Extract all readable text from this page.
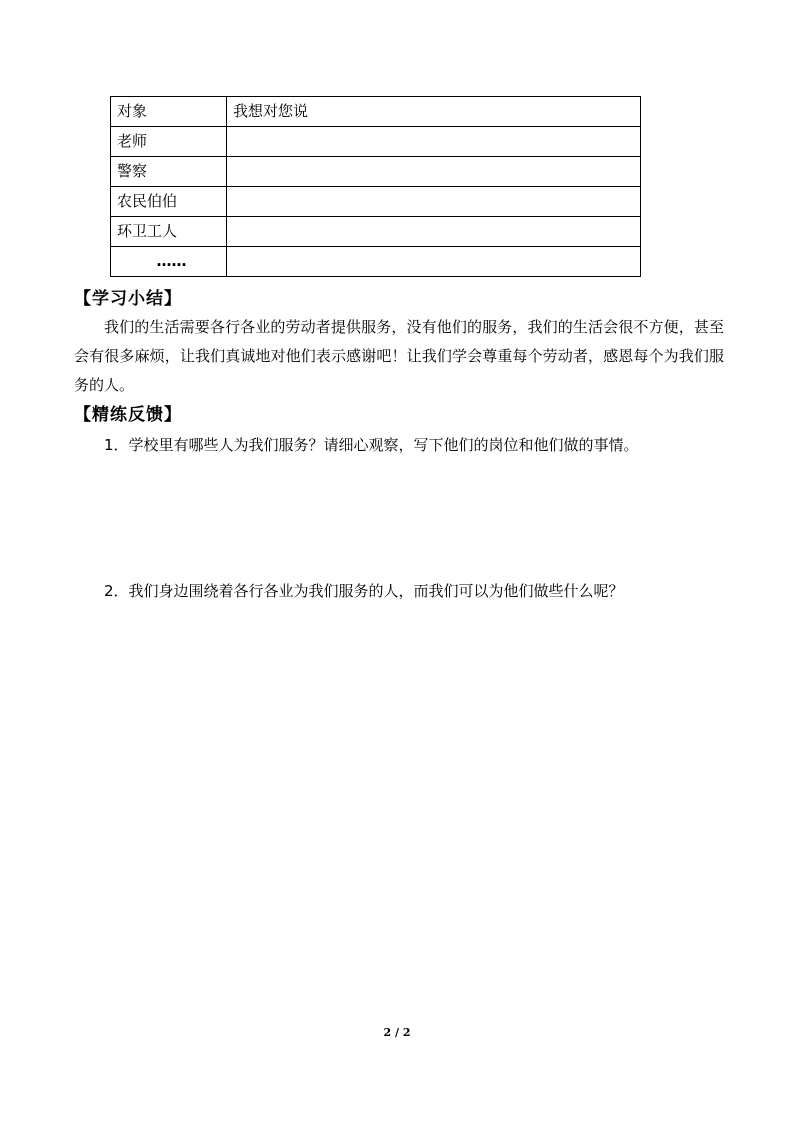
对象	我想对您说
老师	
警察	
农民伯伯	
环卫工人	
……	
【学习小结】

我们的生活需要各行各业的劳动者提供服务，没有他们的服务，我们的生活会很不方便，甚至会有很多麻烦，让我们真诚地对他们表示感谢吧！让我们学会尊重每个劳动者，感恩每个为我们服务的人。

【精练反馈】

1．学校里有哪些人为我们服务？请细心观察，写下他们的岗位和他们做的事情。

2．我们身边围绕着各行各业为我们服务的人，而我们可以为他们做些什么呢？

2 / 2
